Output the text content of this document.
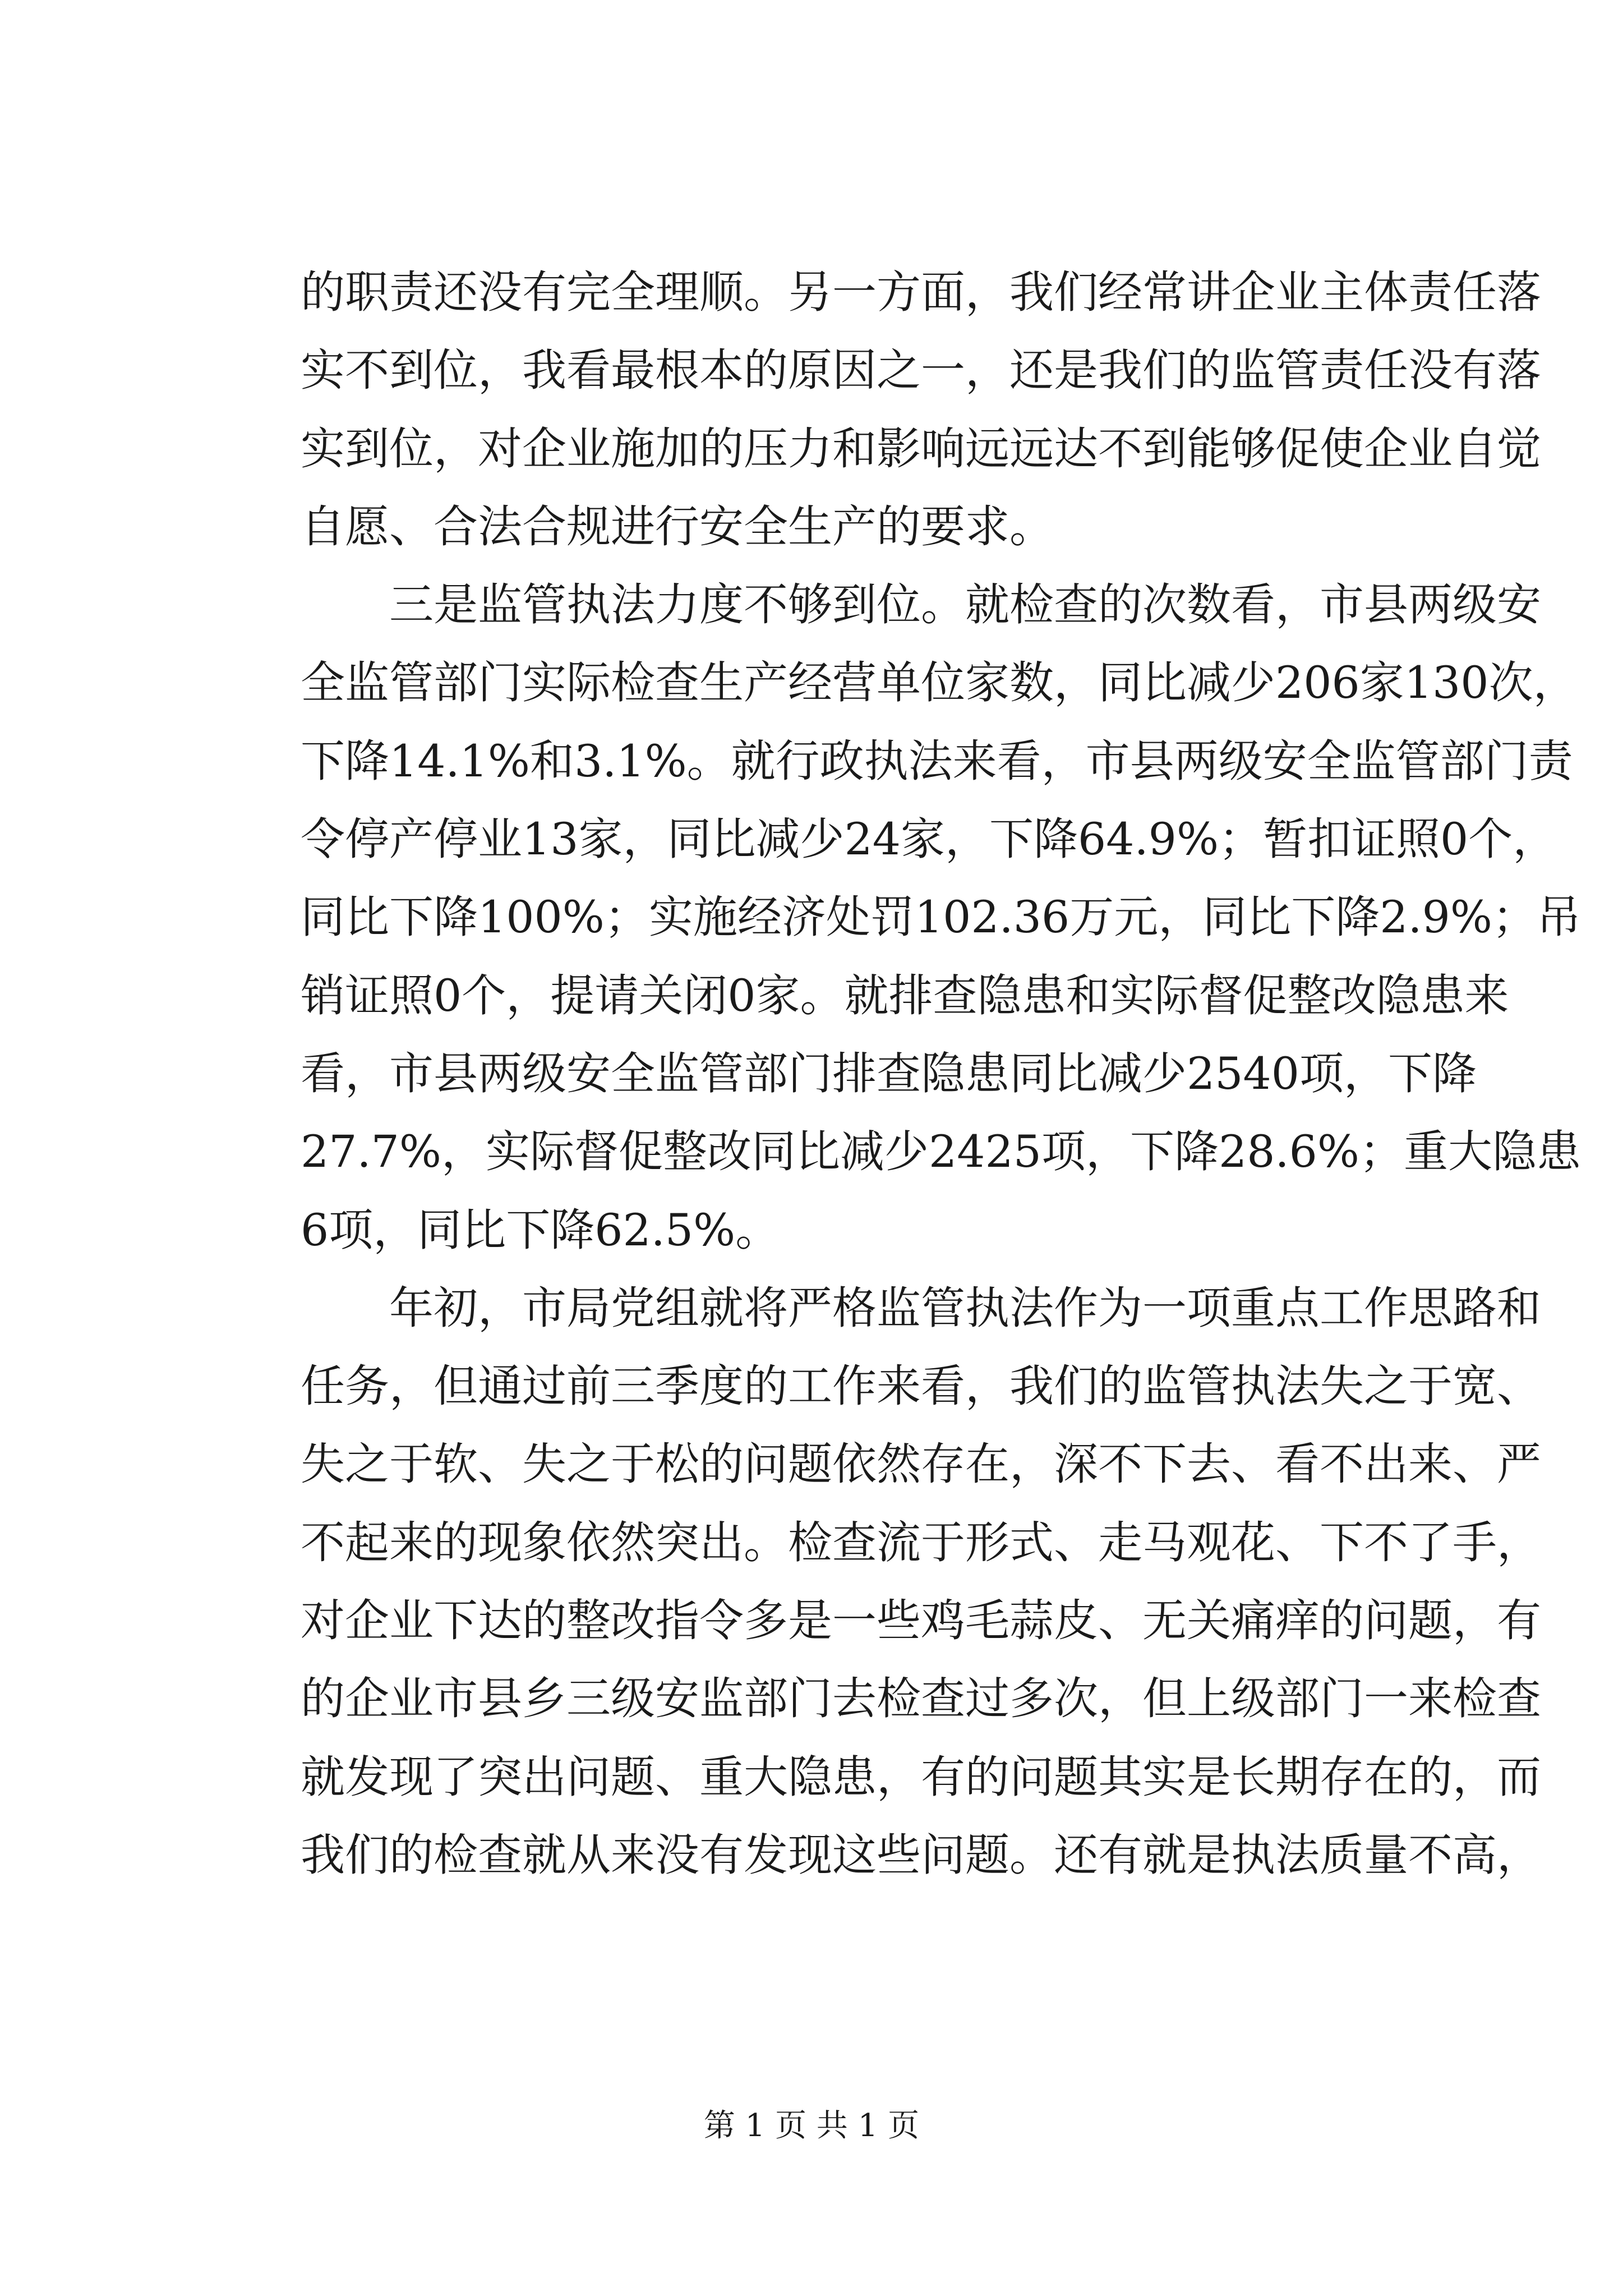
的职责还没有完全理顺。另一方面，我们经常讲企业主体责任落
实不到位，我看最根本的原因之一，还是我们的监管责任没有落
实到位，对企业施加的压力和影响远远达不到能够促使企业自觉
自愿、合法合规进行安全生产的要求。
三是监管执法力度不够到位。就检查的次数看，市县两级安
全监管部门实际检查生产经营单位家数，同比减少206家130次，
下降14.1%和3.1%。就行政执法来看，市县两级安全监管部门责
令停产停业13家，同比减少24家，下降64.9%；暂扣证照0个，
同比下降100%；实施经济处罚102.36万元，同比下降2.9%；吊
销证照0个，提请关闭0家。就排查隐患和实际督促整改隐患来
看，市县两级安全监管部门排查隐患同比减少2540项，下降
27.7%，实际督促整改同比减少2425项，下降28.6%；重大隐患
6项，同比下降62.5%。
年初，市局党组就将严格监管执法作为一项重点工作思路和
任务，但通过前三季度的工作来看，我们的监管执法失之于宽、
失之于软、失之于松的问题依然存在，深不下去、看不出来、严
不起来的现象依然突出。检查流于形式、走马观花、下不了手，
对企业下达的整改指令多是一些鸡毛蒜皮、无关痛痒的问题，有
的企业市县乡三级安监部门去检查过多次，但上级部门一来检查
就发现了突出问题、重大隐患，有的问题其实是长期存在的，而
我们的检查就从来没有发现这些问题。还有就是执法质量不高，
第 1 页 共 1 页
